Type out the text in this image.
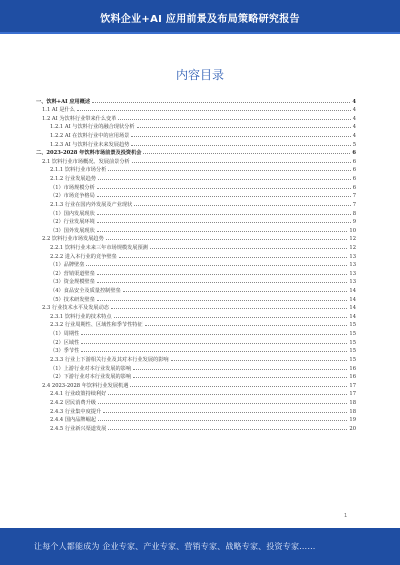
饮料企业+AI 应用前景及布局策略研究报告
内容目录
一、饮料+AI 应用概述	4
1.1 AI 是什么	4
1.2 AI 为饮料行业带来什么变革	4
1.2.1 AI 与饮料行业的融合现状分析	4
1.2.2 AI 在饮料行业中的应用场景	4
1.2.3 AI 与饮料行业未来发展趋势	5
二、2023-2028 年饮料市场前景及投资机会	6
2.1 饮料行业市场概况、发展前景分析	6
2.1.1 饮料行业市场分析	6
2.1.2 行业发展趋势	6
（1）市场规模分析	6
（2）市场竞争格局	7
2.1.3 行业在国内外发展及产业现状	7
（1）国内发展现状	8
（2）行业发展环境	9
（3）国外发展现状	10
2.2 饮料行业市场发展趋势	12
2.2.1 饮料行业未来三年市场规模发展预测	12
2.2.2 进入本行业的竞争壁垒	13
（1）品牌壁垒	13
（2）营销渠道壁垒	13
（3）资金规模壁垒	13
（4）食品安全及质量控制壁垒	14
（5）技术研发壁垒	14
2.3 行业技术水平及发展动态	14
2.3.1 饮料行业的技术特点	14
2.3.2 行业周期性、区域性和季节性特征	15
（1）周期性	15
（2）区域性	15
（3）季节性	15
2.3.3 行业上下游相关行业及其对本行业发展的影响	15
（1）上游行业对本行业发展的影响	16
（2）下游行业对本行业发展的影响	16
2.4 2023-2028 年饮料行业发展机遇	17
2.4.1 行业政策持续利好	17
2.4.2 居民消费升级	18
2.4.3 行业集中度提升	18
2.4.4 国内品牌崛起	19
2.4.5 行业新兴渠道发展	20
1
让每个人都能成为 企业专家、产业专家、营销专家、战略专家、投资专家……
